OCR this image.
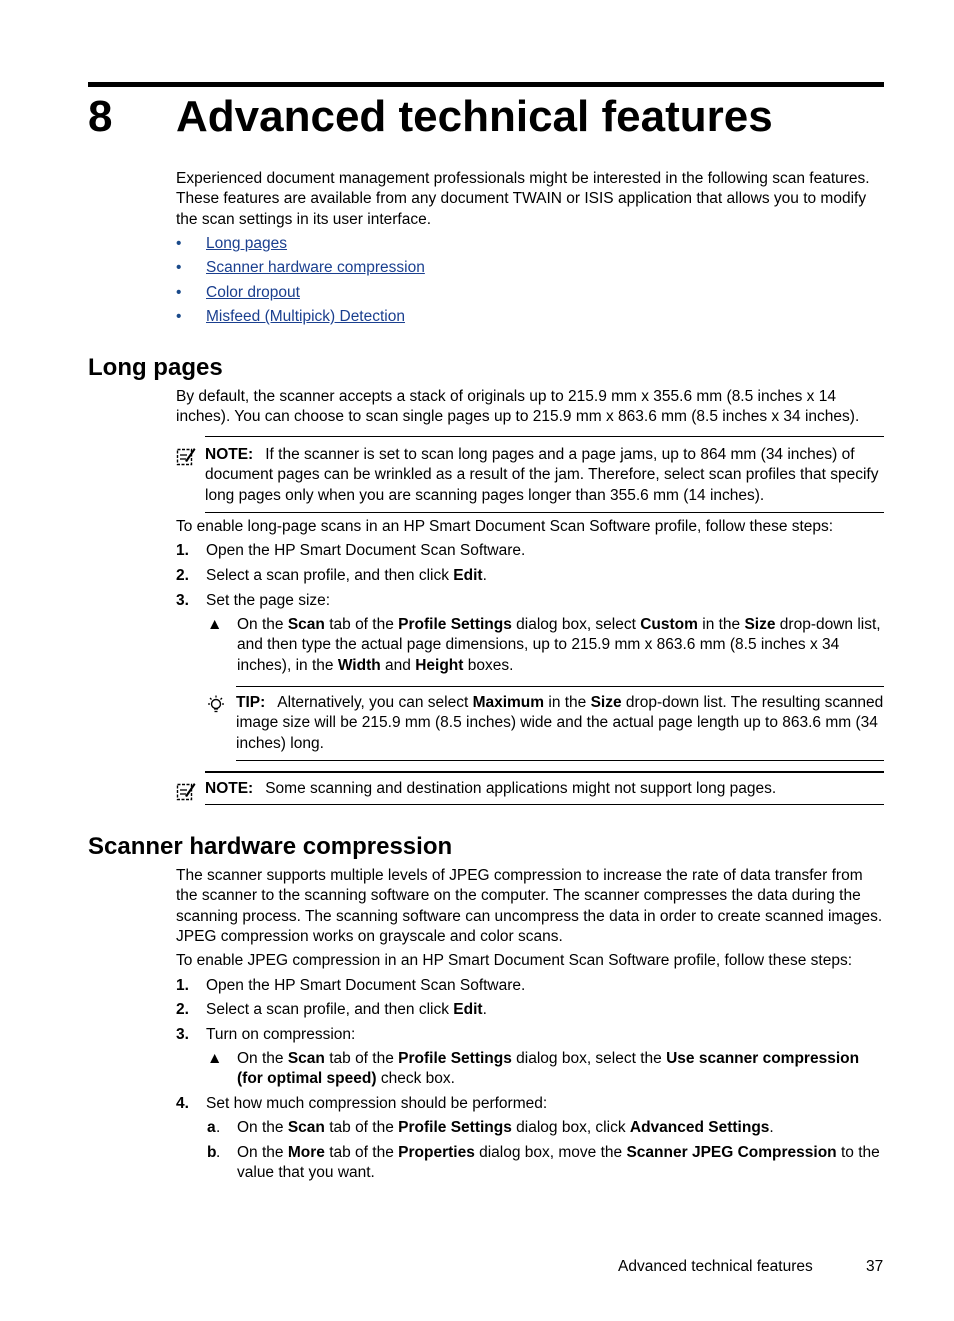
8 Advanced technical features
Experienced document management professionals might be interested in the following scan features. These features are available from any document TWAIN or ISIS application that allows you to modify the scan settings in its user interface.
• Long pages
• Scanner hardware compression
• Color dropout
• Misfeed (Multipick) Detection
Long pages
By default, the scanner accepts a stack of originals up to 215.9 mm x 355.6 mm (8.5 inches x 14 inches). You can choose to scan single pages up to 215.9 mm x 863.6 mm (8.5 inches x 34 inches).
NOTE: If the scanner is set to scan long pages and a page jams, up to 864 mm (34 inches) of document pages can be wrinkled as a result of the jam. Therefore, select scan profiles that specify long pages only when you are scanning pages longer than 355.6 mm (14 inches).
To enable long-page scans in an HP Smart Document Scan Software profile, follow these steps:
1. Open the HP Smart Document Scan Software.
2. Select a scan profile, and then click Edit.
3. Set the page size:
▲ On the Scan tab of the Profile Settings dialog box, select Custom in the Size drop-down list, and then type the actual page dimensions, up to 215.9 mm x 863.6 mm (8.5 inches x 34 inches), in the Width and Height boxes.
TIP: Alternatively, you can select Maximum in the Size drop-down list. The resulting scanned image size will be 215.9 mm (8.5 inches) wide and the actual page length up to 863.6 mm (34 inches) long.
NOTE: Some scanning and destination applications might not support long pages.
Scanner hardware compression
The scanner supports multiple levels of JPEG compression to increase the rate of data transfer from the scanner to the scanning software on the computer. The scanner compresses the data during the scanning process. The scanning software can uncompress the data in order to create scanned images. JPEG compression works on grayscale and color scans.
To enable JPEG compression in an HP Smart Document Scan Software profile, follow these steps:
1. Open the HP Smart Document Scan Software.
2. Select a scan profile, and then click Edit.
3. Turn on compression:
▲ On the Scan tab of the Profile Settings dialog box, select the Use scanner compression (for optimal speed) check box.
4. Set how much compression should be performed:
a . On the Scan tab of the Profile Settings dialog box, click Advanced Settings.
b . On the More tab of the Properties dialog box, move the Scanner JPEG Compression to the value that you want.
Advanced technical features	37
